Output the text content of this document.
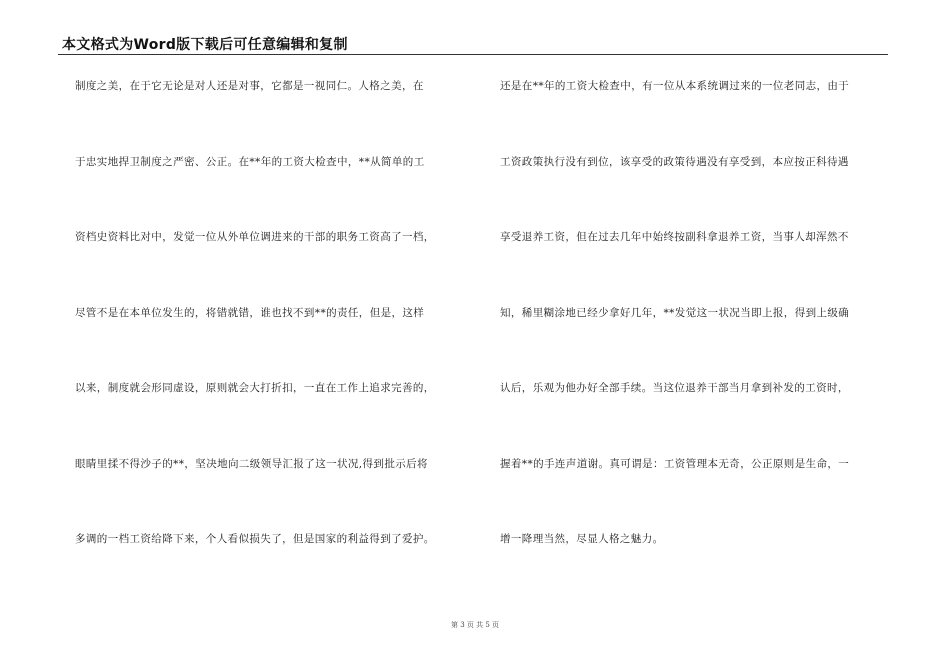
本文格式为Word版下载后可任意编辑和复制
制度之美，在于它无论是对人还是对事，它都是一视同仁。人格之美，在
于忠实地捍卫制度之严密、公正。在**年的工资大检查中，**从简单的工
资档史资料比对中，发觉一位从外单位调进来的干部的职务工资高了一档，
尽管不是在本单位发生的，将错就错，谁也找不到**的责任，但是，这样
以来，制度就会形同虚设，原则就会大打折扣，一直在工作上追求完善的，
眼睛里揉不得沙子的**，坚决地向二级领导汇报了这一状况,得到批示后将
多调的一档工资给降下来，个人看似损失了，但是国家的利益得到了爱护。
还是在**年的工资大检查中，有一位从本系统调过来的一位老同志，由于
工资政策执行没有到位，该享受的政策待遇没有享受到，本应按正科待遇
享受退养工资，但在过去几年中始终按副科拿退养工资，当事人却浑然不
知，稀里糊涂地已经少拿好几年，**发觉这一状况当即上报，得到上级确
认后，乐观为他办好全部手续。当这位退养干部当月拿到补发的工资时，
握着**的手连声道谢。真可谓是：工资管理本无奇，公正原则是生命，一
增一降理当然，尽显人格之魅力。
第 3 页 共 5 页
